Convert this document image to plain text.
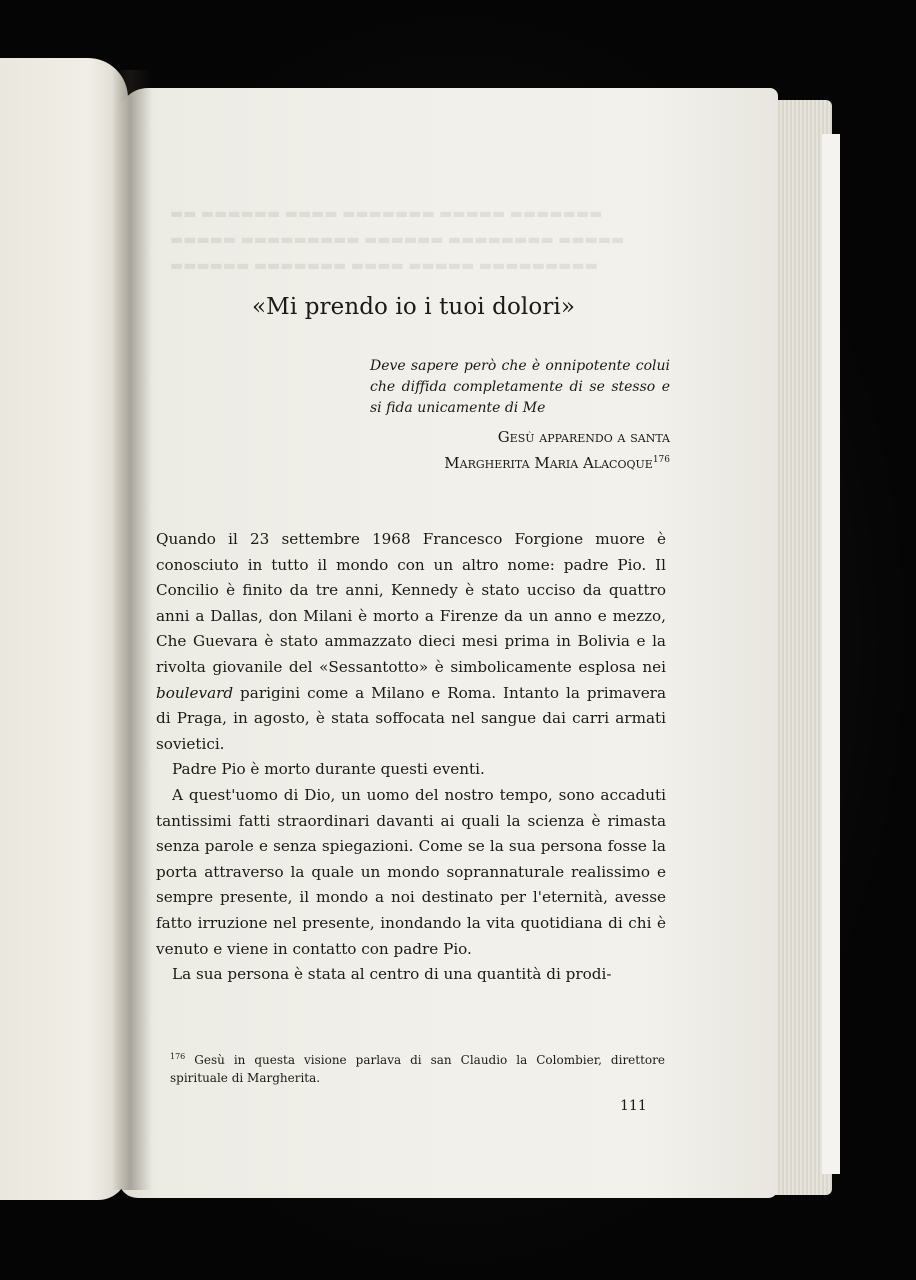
▬▬ ▬▬▬▬▬▬ ▬▬▬▬ ▬▬▬▬▬▬▬ ▬▬▬▬▬ ▬▬▬▬▬▬▬
▬▬▬▬▬ ▬▬▬▬▬▬▬▬▬ ▬▬▬▬▬▬ ▬▬▬▬▬▬▬▬ ▬▬▬▬▬
▬▬▬▬▬▬ ▬▬▬▬▬▬▬ ▬▬▬▬ ▬▬▬▬▬ ▬▬▬▬▬▬▬▬▬
«Mi prendo io i tuoi dolori»
Deve sapere però che è onnipotente colui che diffida completamente di se stesso e si fida unicamente di Me
Gesù apparendo a santa
Margherita Maria Alacoque$^{176}$

Quando il 23 settembre 1968 Francesco Forgione muore è conosciuto in tutto il mondo con un altro nome: padre Pio. Il Concilio è finito da tre anni, Kennedy è stato ucciso da quattro anni a Dallas, don Milani è morto a Firenze da un anno e mezzo, Che Guevara è stato ammazzato dieci mesi prima in Bolivia e la rivolta giovanile del «Sessantotto» è simbolicamente esplosa nei boulevard parigini come a Milano e Roma. Intanto la primavera di Praga, in agosto, è stata soffocata nel sangue dai carri armati sovietici.

Padre Pio è morto durante questi eventi.

A quest'uomo di Dio, un uomo del nostro tempo, sono accaduti tantissimi fatti straordinari davanti ai quali la scienza è rimasta senza parole e senza spiegazioni. Come se la sua persona fosse la porta attraverso la quale un mondo soprannaturale realissimo e sempre presente, il mondo a noi destinato per l'eternità, avesse fatto irruzione nel presente, inondando la vita quotidiana di chi è venuto e viene in contatto con padre Pio.

La sua persona è stata al centro di una quantità di prodi-

$^{176}$ Gesù in questa visione parlava di san Claudio la Colombier, direttore spirituale di Margherita.
111
